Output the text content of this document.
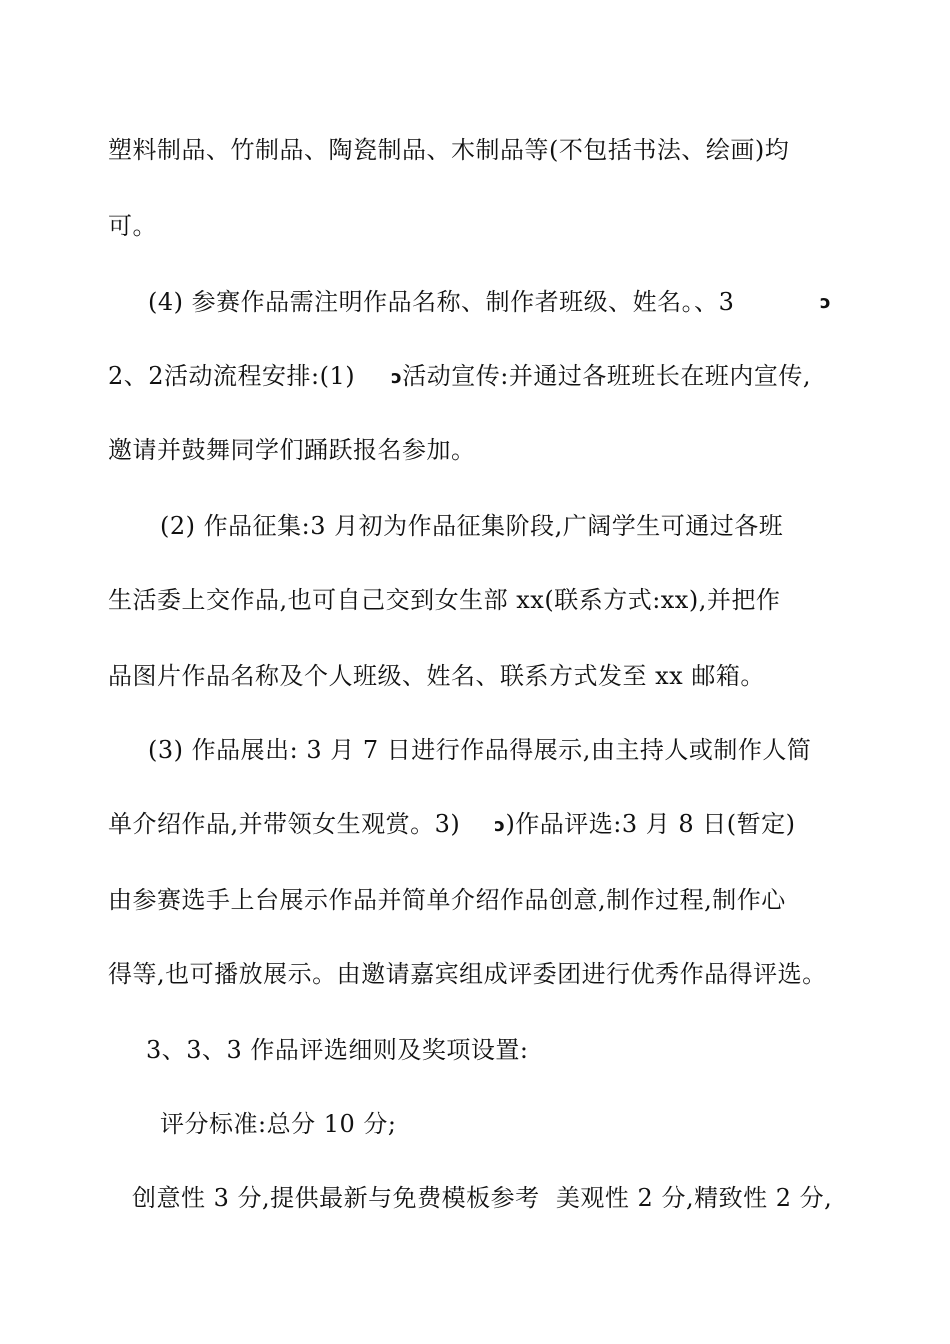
塑料制品、竹制品、陶瓷制品、木制品等(不包括书法、绘画)均
可。
(4) 参赛作品需注明作品名称、制作者班级、姓名。、3	ↄ
2、2活动流程安排:(1) ↄ活动宣传:并通过各班班长在班内宣传,
邀请并鼓舞同学们踊跃报名参加。
(2) 作品征集:3 月初为作品征集阶段,广阔学生可通过各班
生活委上交作品,也可自己交到女生部 xx(联系方式:xx),并把作
品图片作品名称及个人班级、姓名、联系方式发至 xx 邮箱。
(3) 作品展出: 3 月 7 日进行作品得展示,由主持人或制作人简
单介绍作品,并带领女生观赏。3) ↄ)作品评选:3 月 8 日(暂定)
由参赛选手上台展示作品并简单介绍作品创意,制作过程,制作心
得等,也可播放展示。由邀请嘉宾组成评委团进行优秀作品得评选。
3、3、3 作品评选细则及奖项设置:
评分标准:总分 10 分;
创意性 3 分,提供最新与免费模板参考  美观性 2 分,精致性 2 分,
